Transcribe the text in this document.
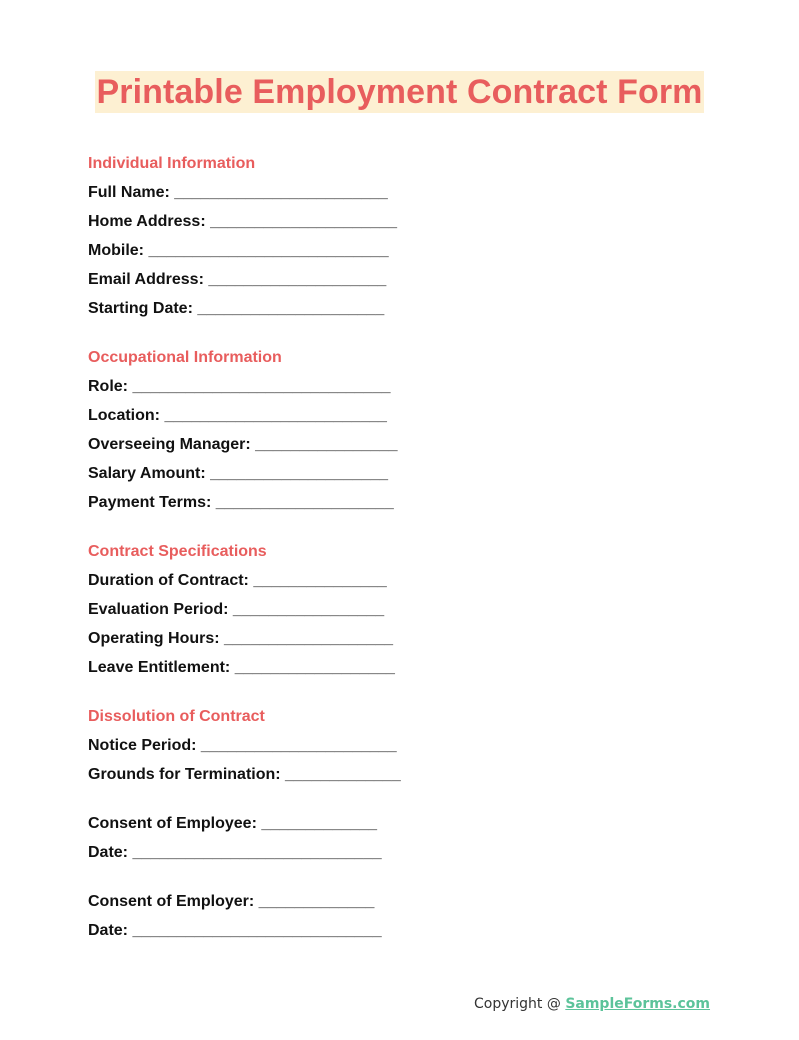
Printable Employment Contract Form
Individual Information
Full Name: ________________________
Home Address: _____________________
Mobile: ___________________________
Email Address: ____________________
Starting Date: _____________________
Occupational Information
Role: _____________________________
Location: _________________________
Overseeing Manager: ________________
Salary Amount: ____________________
Payment Terms: ____________________
Contract Specifications
Duration of Contract: _______________
Evaluation Period: _________________
Operating Hours: ___________________
Leave Entitlement: __________________
Dissolution of Contract
Notice Period: ______________________
Grounds for Termination: _____________
Consent of Employee: _____________
Date: ____________________________
Consent of Employer: _____________
Date: ____________________________
Copyright @ SampleForms.com
